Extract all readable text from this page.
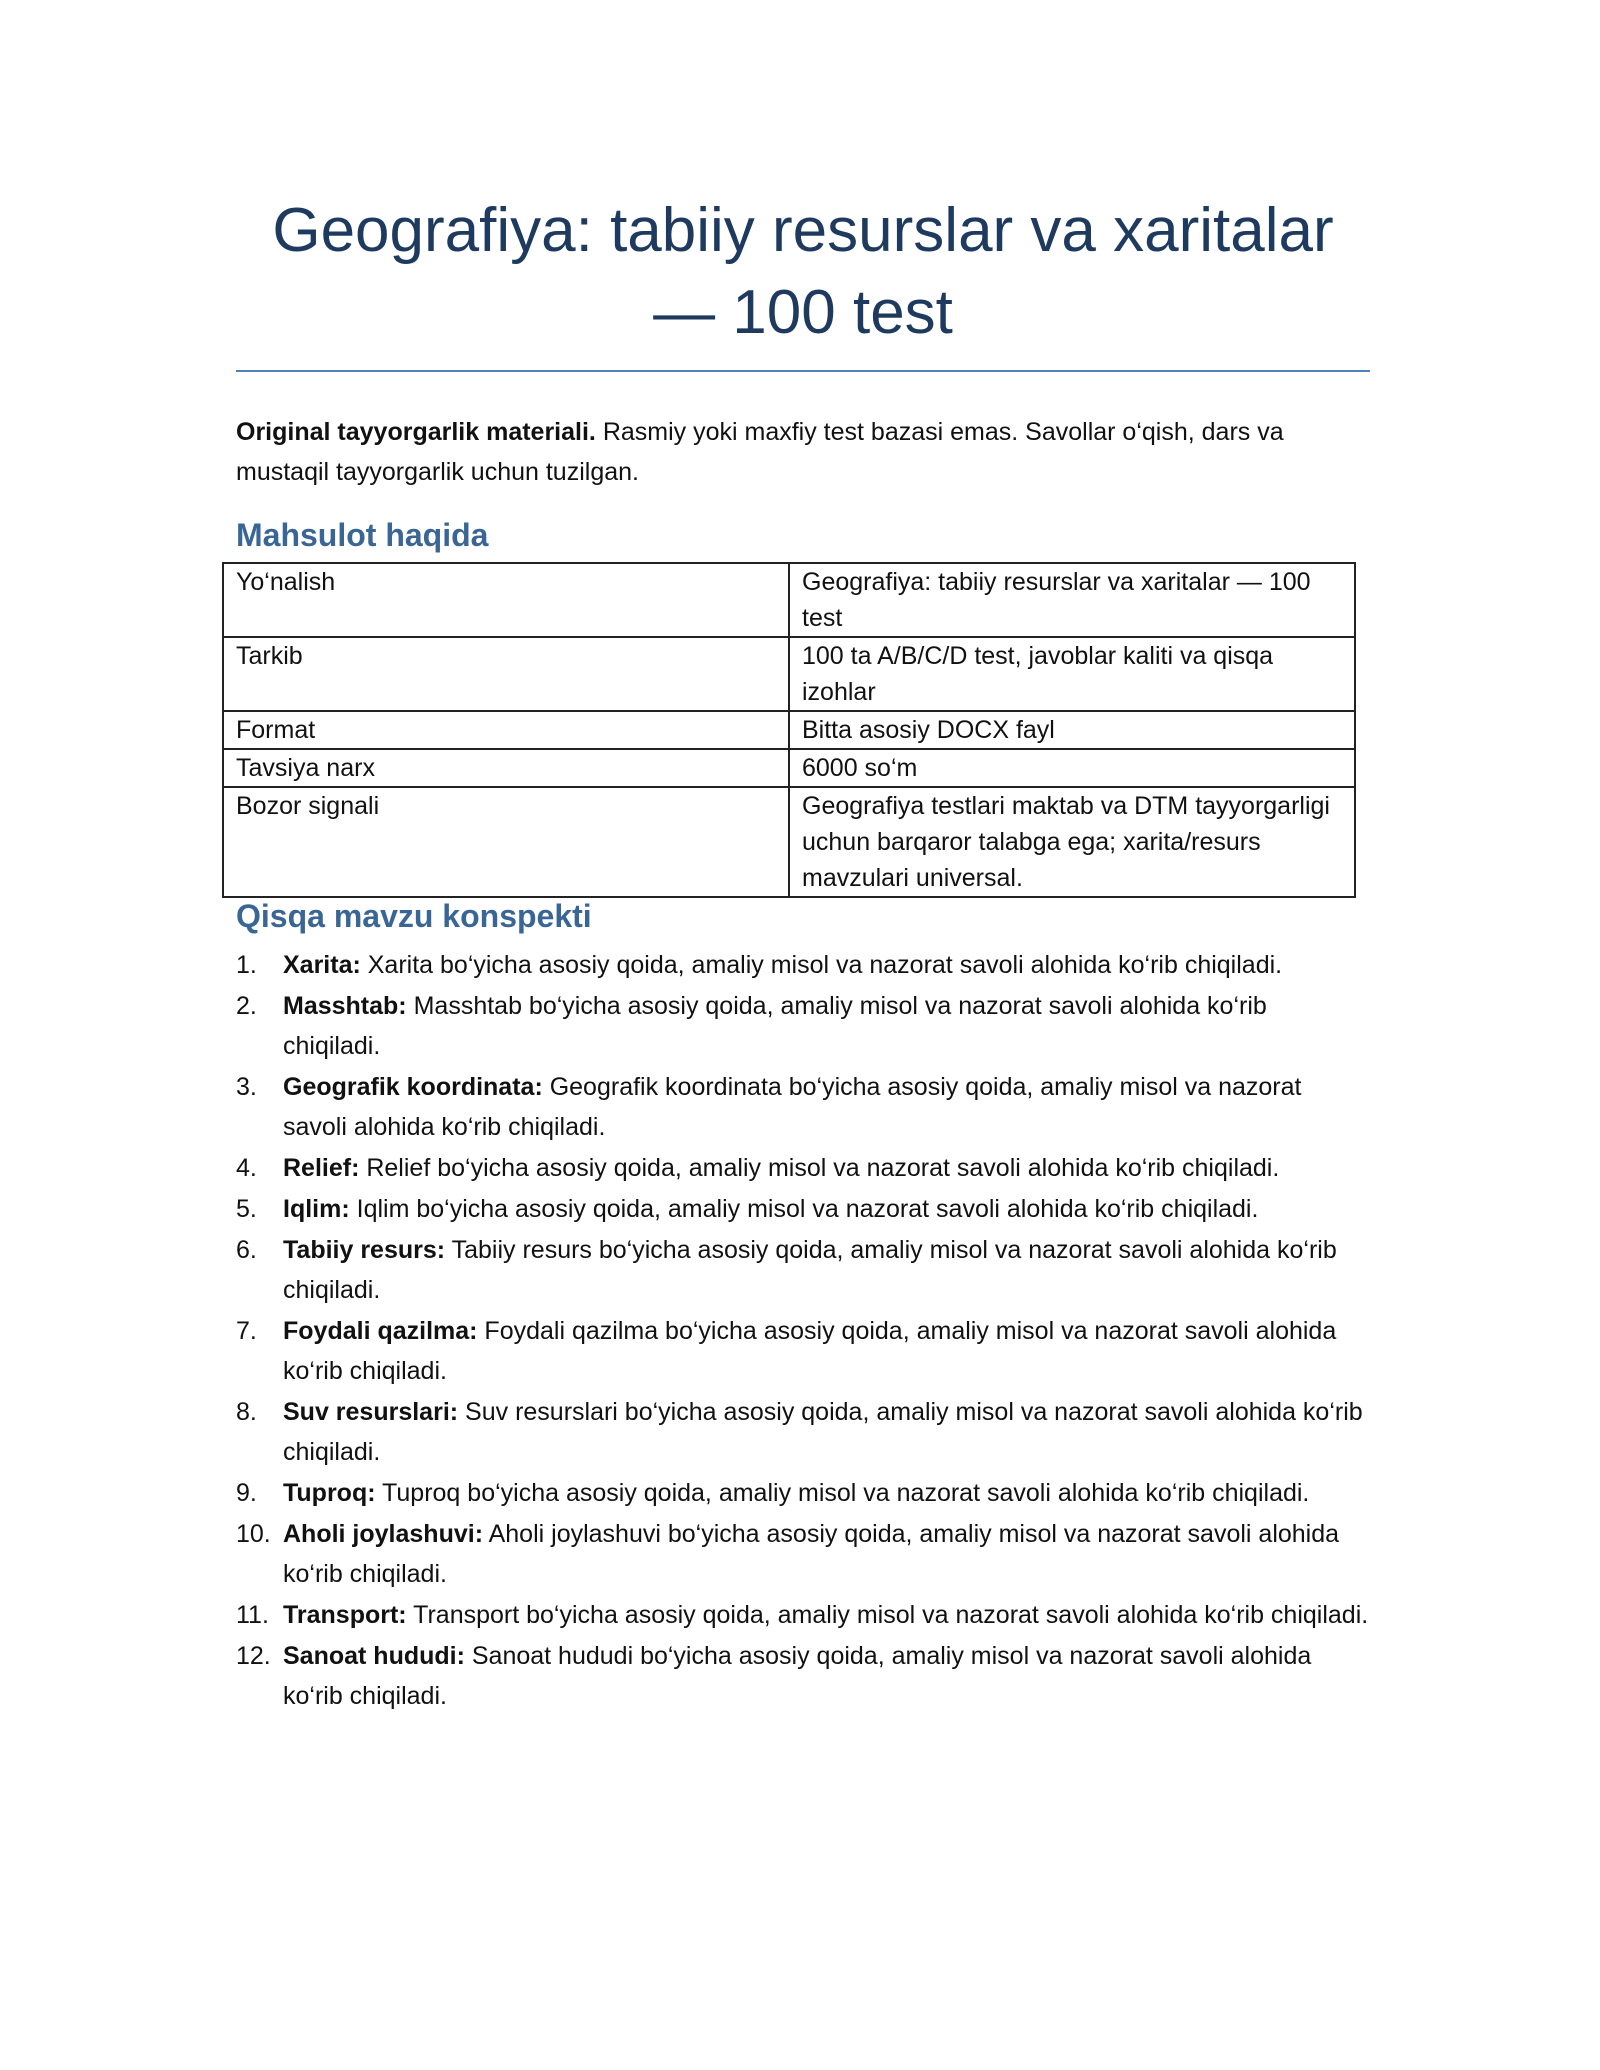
Geografiya: tabiiy resurslar va xaritalar — 100 test

Original tayyorgarlik materiali. Rasmiy yoki maxfiy test bazasi emas. Savollar o‘qish, dars va mustaqil tayyorgarlik uchun tuzilgan.

Mahsulot haqida
Yo‘nalish	Geografiya: tabiiy resurslar va xaritalar — 100 test
Tarkib	100 ta A/B/C/D test, javoblar kaliti va qisqa izohlar
Format	Bitta asosiy DOCX fayl
Tavsiya narx	6000 so‘m
Bozor signali	Geografiya testlari maktab va DTM tayyorgarligi uchun barqaror talabga ega; xarita/resurs mavzulari universal.
Qisqa mavzu konspekti
1. Xarita: Xarita bo‘yicha asosiy qoida, amaliy misol va nazorat savoli alohida ko‘rib chiqiladi.
2. Masshtab: Masshtab bo‘yicha asosiy qoida, amaliy misol va nazorat savoli alohida ko‘rib chiqiladi.
3. Geografik koordinata: Geografik koordinata bo‘yicha asosiy qoida, amaliy misol va nazorat savoli alohida ko‘rib chiqiladi.
4. Relief: Relief bo‘yicha asosiy qoida, amaliy misol va nazorat savoli alohida ko‘rib chiqiladi.
5. Iqlim: Iqlim bo‘yicha asosiy qoida, amaliy misol va nazorat savoli alohida ko‘rib chiqiladi.
6. Tabiiy resurs: Tabiiy resurs bo‘yicha asosiy qoida, amaliy misol va nazorat savoli alohida ko‘rib chiqiladi.
7. Foydali qazilma: Foydali qazilma bo‘yicha asosiy qoida, amaliy misol va nazorat savoli alohida ko‘rib chiqiladi.
8. Suv resurslari: Suv resurslari bo‘yicha asosiy qoida, amaliy misol va nazorat savoli alohida ko‘rib chiqiladi.
9. Tuproq: Tuproq bo‘yicha asosiy qoida, amaliy misol va nazorat savoli alohida ko‘rib chiqiladi.
10. Aholi joylashuvi: Aholi joylashuvi bo‘yicha asosiy qoida, amaliy misol va nazorat savoli alohida ko‘rib chiqiladi.
11. Transport: Transport bo‘yicha asosiy qoida, amaliy misol va nazorat savoli alohida ko‘rib chiqiladi.
12. Sanoat hududi: Sanoat hududi bo‘yicha asosiy qoida, amaliy misol va nazorat savoli alohida ko‘rib chiqiladi.
